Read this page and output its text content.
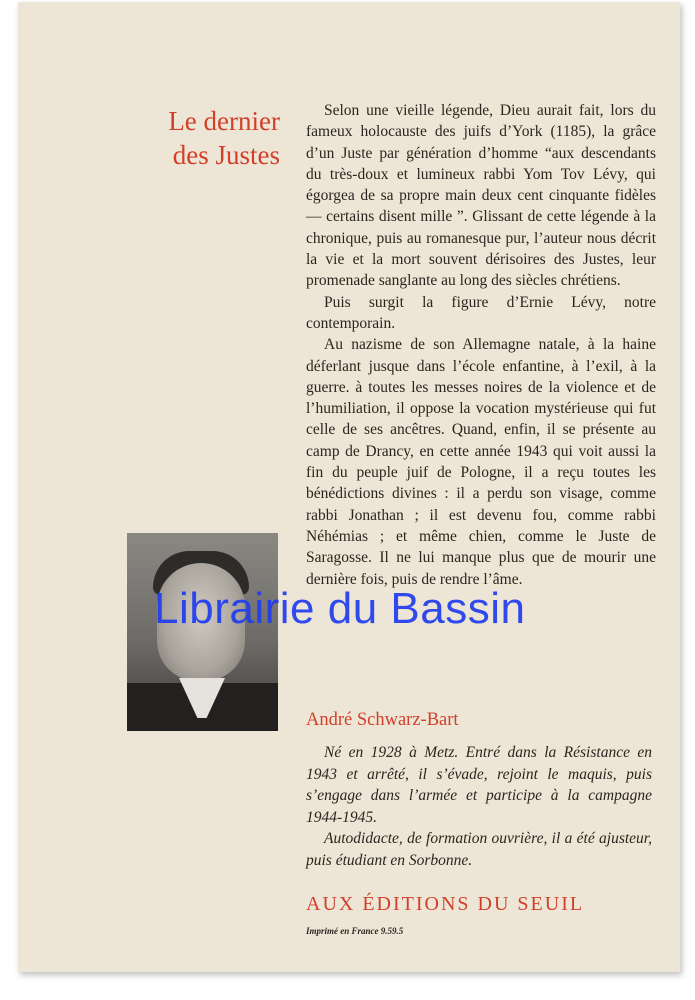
Le dernier
des Justes

Selon une vieille légende, Dieu aurait fait, lors du fameux holocauste des juifs d’York (1185), la grâce d’un Juste par génération d’homme “aux descendants du très-doux et lumineux rabbi Yom Tov Lévy, qui égorgea de sa propre main deux cent cinquante fidèles — certains disent mille ”. Glissant de cette légende à la chronique, puis au romanesque pur, l’auteur nous décrit la vie et la mort souvent dérisoires des Justes, leur promenade sanglante au long des siècles chrétiens.

Puis surgit la figure d’Ernie Lévy, notre contemporain.

Au nazisme de son Allemagne natale, à la haine déferlant jusque dans l’école enfantine, à l’exil, à la guerre. à toutes les messes noires de la violence et de l’humiliation, il oppose la vocation mystérieuse qui fut celle de ses ancêtres. Quand, enfin, il se présente au camp de Drancy, en cette année 1943 qui voit aussi la fin du peuple juif de Pologne, il a reçu toutes les bénédictions divines : il a perdu son visage, comme rabbi Jonathan ; il est devenu fou, comme rabbi Néhémias ; et même chien, comme le Juste de Saragosse. Il ne lui manque plus que de mourir une dernière fois, puis de rendre l’âme.

André Schwarz-Bart

Né en 1928 à Metz. Entré dans la Résistance en 1943 et arrêté, il s’évade, rejoint le maquis, puis s’engage dans l’armée et participe à la campagne 1944-1945.

Autodidacte, de formation ouvrière, il a été ajusteur, puis étudiant en Sorbonne.

AUX ÉDITIONS DU SEUIL
Imprimé en France 9.59.5
Librairie du Bassin
